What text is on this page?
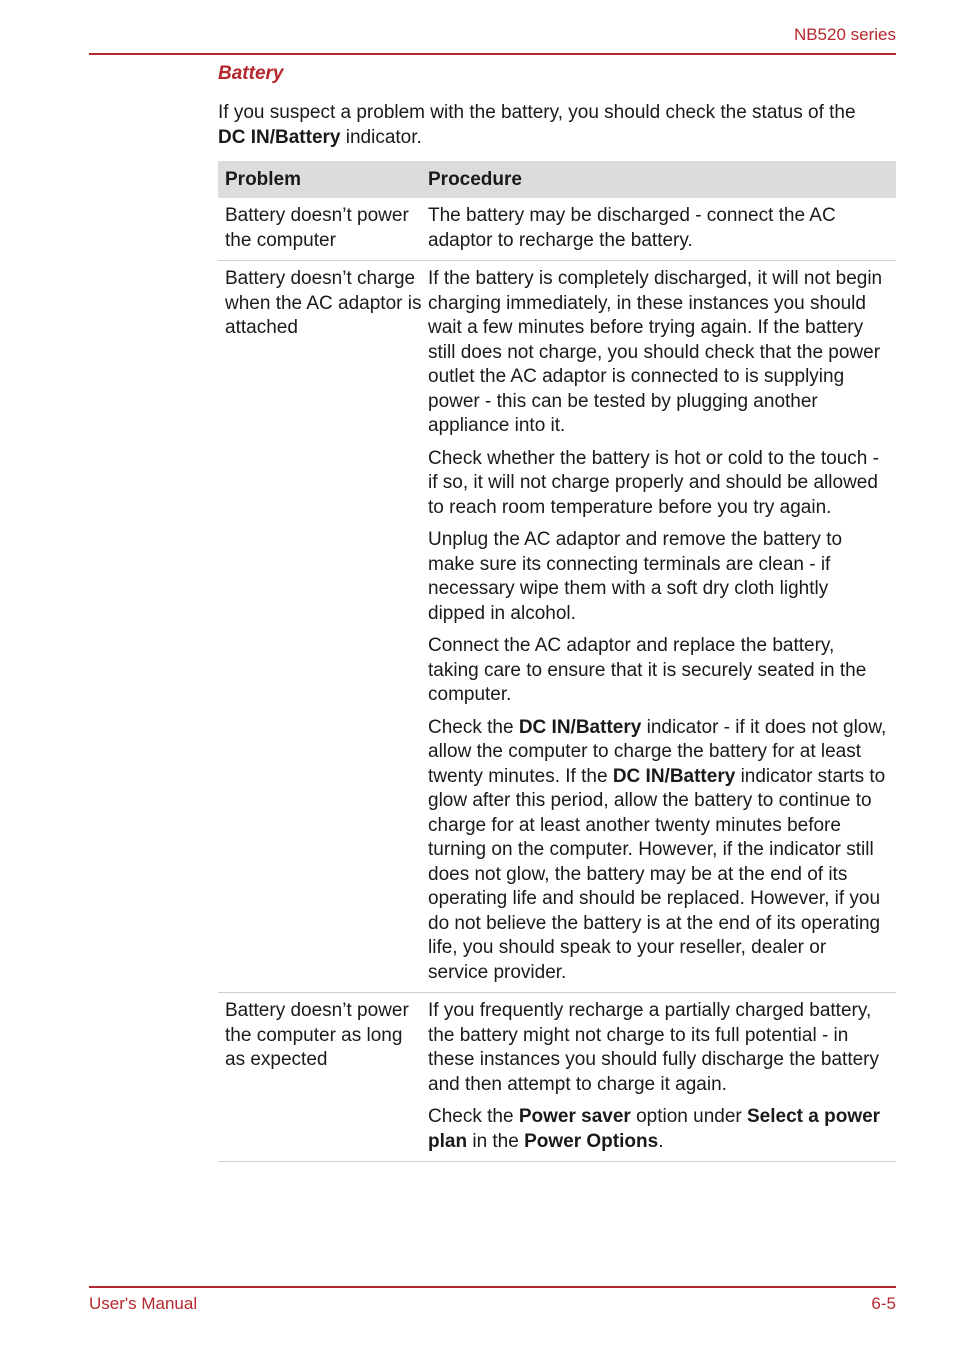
NB520 series
Battery
If you suspect a problem with the battery, you should check the status of the DC IN/Battery indicator.
Problem	Procedure
Battery doesn’t power the computer

The battery may be discharged - connect the AC adaptor to recharge the battery.

Battery doesn’t charge when the AC adaptor is attached

If the battery is completely discharged, it will not begin charging immediately, in these instances you should wait a few minutes before trying again. If the battery still does not charge, you should check that the power outlet the AC adaptor is connected to is supplying power - this can be tested by plugging another appliance into it.

Check whether the battery is hot or cold to the touch - if so, it will not charge properly and should be allowed to reach room temperature before you try again.

Unplug the AC adaptor and remove the battery to make sure its connecting terminals are clean - if necessary wipe them with a soft dry cloth lightly dipped in alcohol.

Connect the AC adaptor and replace the battery, taking care to ensure that it is securely seated in the computer.

Check the DC IN/Battery indicator - if it does not glow, allow the computer to charge the battery for at least twenty minutes. If the DC IN/Battery indicator starts to glow after this period, allow the battery to continue to charge for at least another twenty minutes before turning on the computer. However, if the indicator still does not glow, the battery may be at the end of its operating life and should be replaced. However, if you do not believe the battery is at the end of its operating life, you should speak to your reseller, dealer or service provider.

Battery doesn’t power the computer as long as expected

If you frequently recharge a partially charged battery, the battery might not charge to its full potential - in these instances you should fully discharge the battery and then attempt to charge it again.

Check the Power saver option under Select a power plan in the Power Options.

User's Manual	6-5
